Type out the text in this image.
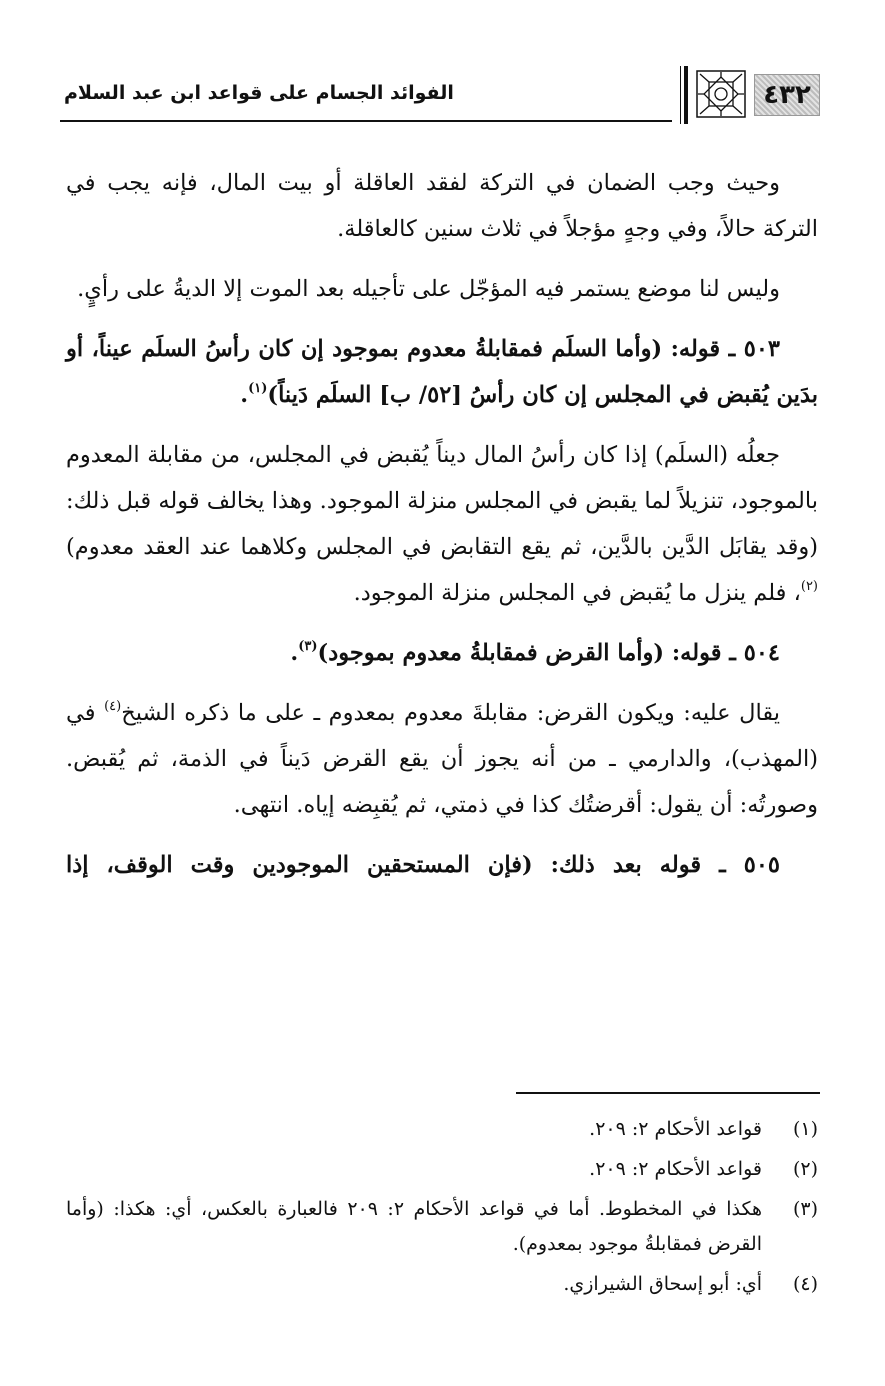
٤٣٢
الفوائد الجسام على قواعد ابن عبد السلام

وحيث وجب الضمان في التركة لفقد العاقلة أو بيت المال، فإنه يجب في التركة حالاً، وفي وجهٍ مؤجلاً في ثلاث سنين كالعاقلة.

وليس لنا موضع يستمر فيه المؤجّل على تأجيله بعد الموت إلا الديةُ على رأيٍ.

٥٠٣ ـ قوله: (وأما السلَم فمقابلةُ معدوم بموجود إن كان رأسُ السلَم عيناً، أو بدَين يُقبض في المجلس إن كان رأسُ [٥٢/ ب] السلَم دَيناً)$^{(١)}$.

جعلُه (السلَم) إذا كان رأسُ المال ديناً يُقبض في المجلس، من مقابلة المعدوم بالموجود، تنزيلاً لما يقبض في المجلس منزلة الموجود. وهذا يخالف قوله قبل ذلك: (وقد يقابَل الدَّين بالدَّين، ثم يقع التقابض في المجلس وكلاهما عند العقد معدوم)$^{(٢)}$، فلم ينزل ما يُقبض في المجلس منزلة الموجود.

٥٠٤ ـ قوله: (وأما القرض فمقابلةُ معدوم بموجود)$^{(٣)}$.

يقال عليه: ويكون القرض: مقابلةَ معدوم بمعدوم ـ على ما ذكره الشيخ$^{(٤)}$ في (المهذب)، والدارمي ـ من أنه يجوز أن يقع القرض دَيناً في الذمة، ثم يُقبض. وصورتُه: أن يقول: أقرضتُك كذا في ذمتي، ثم يُقبِضه إياه. انتهى.

٥٠٥ ـ قوله بعد ذلك: (فإن المستحقين الموجودين وقت الوقف، إذا

(١)
قواعد الأحكام ٢: ٢٠٩.
(٢)
قواعد الأحكام ٢: ٢٠٩.
(٣)
هكذا في المخطوط. أما في قواعد الأحكام ٢: ٢٠٩ فالعبارة بالعكس، أي: هكذا: (وأما القرض فمقابلةُ موجود بمعدوم).
(٤)
أي: أبو إسحاق الشيرازي.
